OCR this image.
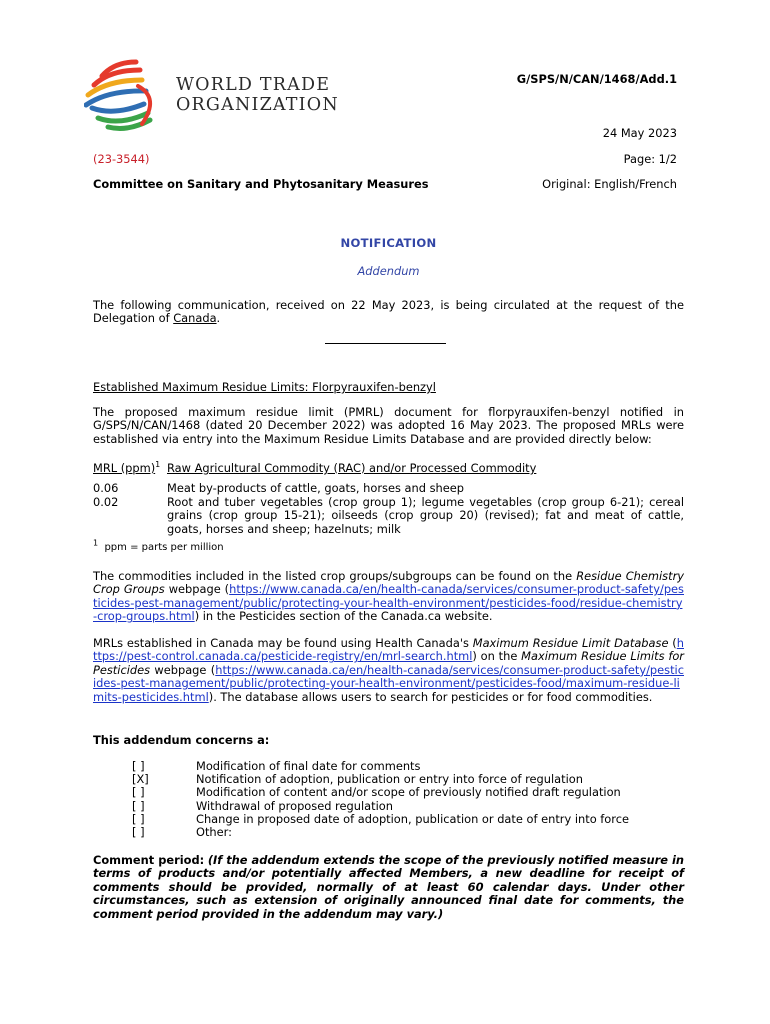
WORLD TRADE
ORGANIZATION
G/SPS/N/CAN/1468/Add.1
24 May 2023
(23-3544)	Page: 1/2
Committee on Sanitary and Phytosanitary Measures	Original: English/French
NOTIFICATION
Addendum
The following communication, received on 22 May 2023, is being circulated at the request of the Delegation of Canada.
Established Maximum Residue Limits: Florpyrauxifen-benzyl
The proposed maximum residue limit (PMRL) document for florpyrauxifen-benzyl notified in G/SPS/N/CAN/1468 (dated 20 December 2022) was adopted 16 May 2023. The proposed MRLs were established via entry into the Maximum Residue Limits Database and are provided directly below:
MRL (ppm)$^1$ Raw Agricultural Commodity (RAC) and/or Processed Commodity
0.06	Meat by-products of cattle, goats, horses and sheep
0.02	Root and tuber vegetables (crop group 1); legume vegetables (crop group 6-21); cereal grains (crop group 15-21); oilseeds (crop group 20) (revised); fat and meat of cattle, goats, horses and sheep; hazelnuts; milk
$^1$ ppm = parts per million
The commodities included in the listed crop groups/subgroups can be found on the Residue Chemistry Crop Groups webpage (https://www.canada.ca/en/health-canada/services/consumer-product-safety/pesticides-pest-management/public/protecting-your-health-environment/pesticides-food/residue-chemistry-crop-groups.html) in the Pesticides section of the Canada.ca website.
MRLs established in Canada may be found using Health Canada's Maximum Residue Limit Database (https://pest-control.canada.ca/pesticide-registry/en/mrl-search.html) on the Maximum Residue Limits for Pesticides webpage (https://www.canada.ca/en/health-canada/services/consumer-product-safety/pesticides-pest-management/public/protecting-your-health-environment/pesticides-food/maximum-residue-limits-pesticides.html). The database allows users to search for pesticides or for food commodities.
This addendum concerns a:
[ ]	Modification of final date for comments
[X]	Notification of adoption, publication or entry into force of regulation
[ ]	Modification of content and/or scope of previously notified draft regulation
[ ]	Withdrawal of proposed regulation
[ ]	Change in proposed date of adoption, publication or date of entry into force
[ ]	Other:
Comment period: (If the addendum extends the scope of the previously notified measure in terms of products and/or potentially affected Members, a new deadline for receipt of comments should be provided, normally of at least 60 calendar days. Under other circumstances, such as extension of originally announced final date for comments, the comment period provided in the addendum may vary.)
